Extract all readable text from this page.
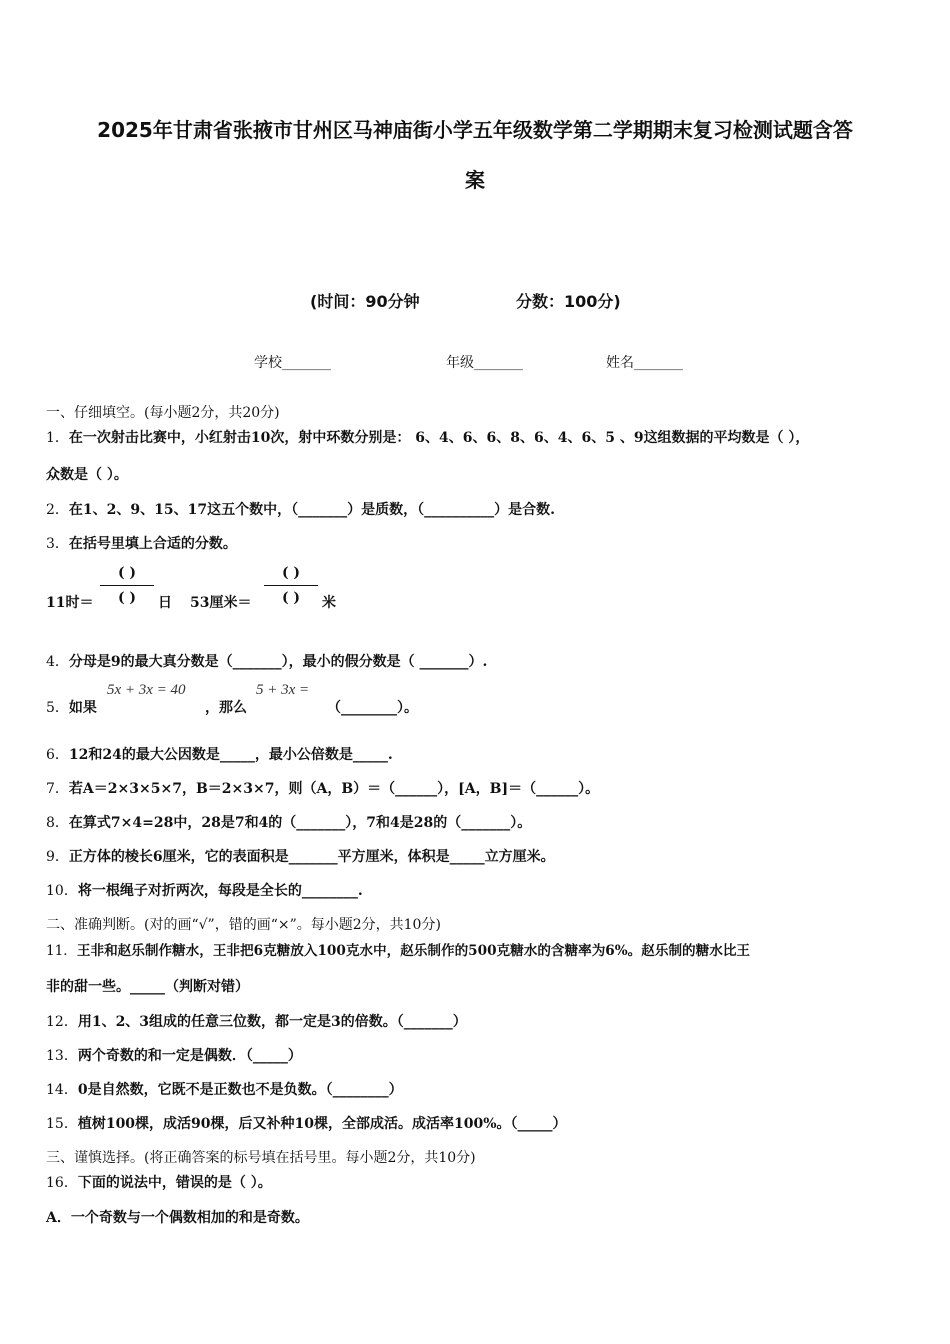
2025年甘肃省张掖市甘州区马神庙街小学五年级数学第二学期期末复习检测试题含答
案
(时间：90分钟	分数：100分)
学校_______	年级_______	姓名_______
一、仔细填空。(每小题2分，共20分)
1．在一次射击比赛中，小红射击10次，射中环数分别是： 6、4、6、6、8、6、4、6、5 、9这组数据的平均数是（ ），
众数是（ ）。
2．在1、2、9、15、17这五个数中，（_______）是质数，（__________）是合数.
3．在括号里填上合适的分数。
11时＝
( )
( )	日 53厘米＝
( )
( )	米
4．分母是9的最大真分数是（_______），最小的假分数是（ _______）.
5．如果
5x + 3x = 40
，那么
5 + 3x =
（________）。
6．12和24的最大公因数是_____，最小公倍数是_____.
7．若A＝2×3×5×7，B＝2×3×7，则（A，B）＝（______），[A，B]＝（______）。
8．在算式7×4=28中，28是7和4的（_______），7和4是28的（_______）。
9．正方体的棱长6厘米，它的表面积是_______平方厘米，体积是_____立方厘米。
10．将一根绳子对折两次，每段是全长的________.
二、准确判断。(对的画“√”，错的画“×”。每小题2分，共10分)
11．王非和赵乐制作糖水，王非把6克糖放入100克水中，赵乐制作的500克糖水的含糖率为6%。赵乐制的糖水比王
非的甜一些。_____（判断对错）
12．用1、2、3组成的任意三位数，都一定是3的倍数。（_______）
13．两个奇数的和一定是偶数．（_____）
14．0是自然数，它既不是正数也不是负数。（________）
15．植树100棵，成活90棵，后又补种10棵，全部成活。成活率100%。（_____）
三、谨慎选择。(将正确答案的标号填在括号里。每小题2分，共10分)
16．下面的说法中，错误的是（ ）。
A．一个奇数与一个偶数相加的和是奇数。
